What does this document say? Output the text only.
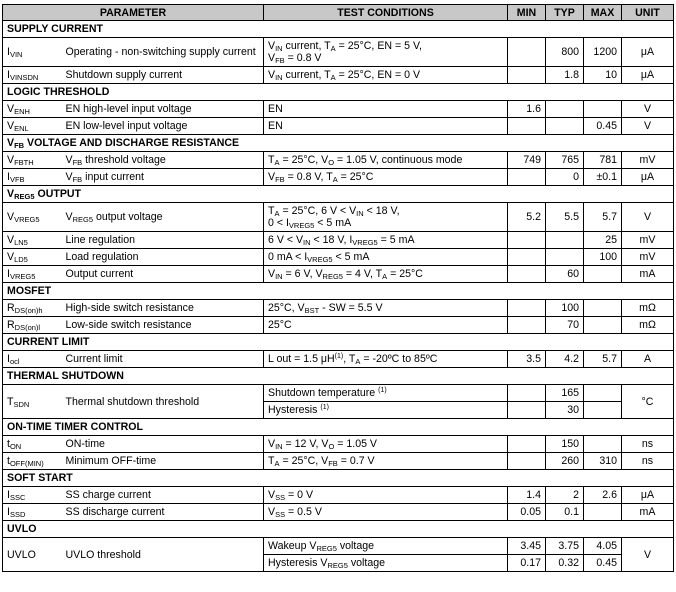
PARAMETER		TEST CONDITIONS	MIN	TYP	MAX	UNIT
SUPPLY CURRENT						
$I_{VIN}$	Operating - non-switching supply current	$V_{IN}$ current, $T_A = 25^\circ C$, EN = 5 V,
$V_{FB} = 0.8$ V		800	1200	μA
$I_{VINSDN}$	Shutdown supply current	$V_{IN}$ current, $T_A = 25^\circ C$, EN = 0 V		1.8	10	μA
LOGIC THRESHOLD						
$V_{ENH}$	EN high-level input voltage	EN	1.6			V
$V_{ENL}$	EN low-level input voltage	EN			0.45	V
$V_{FB}$ VOLTAGE AND DISCHARGE RESISTANCE						
$V_{FBTH}$	$V_{FB}$ threshold voltage	$T_A = 25^\circ C$, $V_O = 1.05$ V, continuous mode	749	765	781	mV
$I_{VFB}$	$V_{FB}$ input current	$V_{FB} = 0.8$ V, $T_A = 25^\circ C$		0	±0.1	μA
$V_{REG5}$ OUTPUT						
$V_{VREG5}$	$V_{REG5}$ output voltage	$T_A = 25^\circ C$, 6 $V < V_{IN} < 18$ V,
$0 < I_{VREG5} < 5$ mA	5.2	5.5	5.7	V
$V_{LN5}$	Line regulation	6 $V < V_{IN} < 18$ V, $I_{VREG5} = 5$ mA			25	mV
$V_{LD5}$	Load regulation	0 mA < $I_{VREG5} < 5$ mA			100	mV
$I_{VREG5}$	Output current	$V_{IN} = 6$ V, $V_{REG5} = 4$ V, $T_A = 25^\circ C$		60		mA
MOSFET						
$R_{DS(on)h}$	High-side switch resistance	25°C, $V_{BST}$ - SW = 5.5 V		100		mΩ
$R_{DS(on)l}$	Low-side switch resistance	25°C		70		mΩ
CURRENT LIMIT						
$I_{ocl}$	Current limit	L out = 1.5 $\mu H^{(1)}$, $T_A$ = -20ºC to 85ºC	3.5	4.2	5.7	A
THERMAL SHUTDOWN						
$T_{SDN}$	Thermal shutdown threshold	Shutdown temperature $^{(1)}$		165		°C
		Hysteresis $^{(1)}$		30		
ON-TIME TIMER CONTROL						
$t_{ON}$	ON-time	$V_{IN} = 12$ V, $V_O = 1.05$ V		150		ns
$t_{OFF(MIN)}$	Minimum OFF-time	$T_A = 25^\circ C$, $V_{FB} = 0.7$ V		260	310	ns
SOFT START						
$I_{SSC}$	SS charge current	$V_{SS} = 0$ V	1.4	2	2.6	μA
$I_{SSD}$	SS discharge current	$V_{SS} = 0.5$ V	0.05	0.1		mA
UVLO						
UVLO	UVLO threshold	Wakeup $V_{REG5}$ voltage	3.45	3.75	4.05	V
		Hysteresis $V_{REG5}$ voltage	0.17	0.32	0.45	
